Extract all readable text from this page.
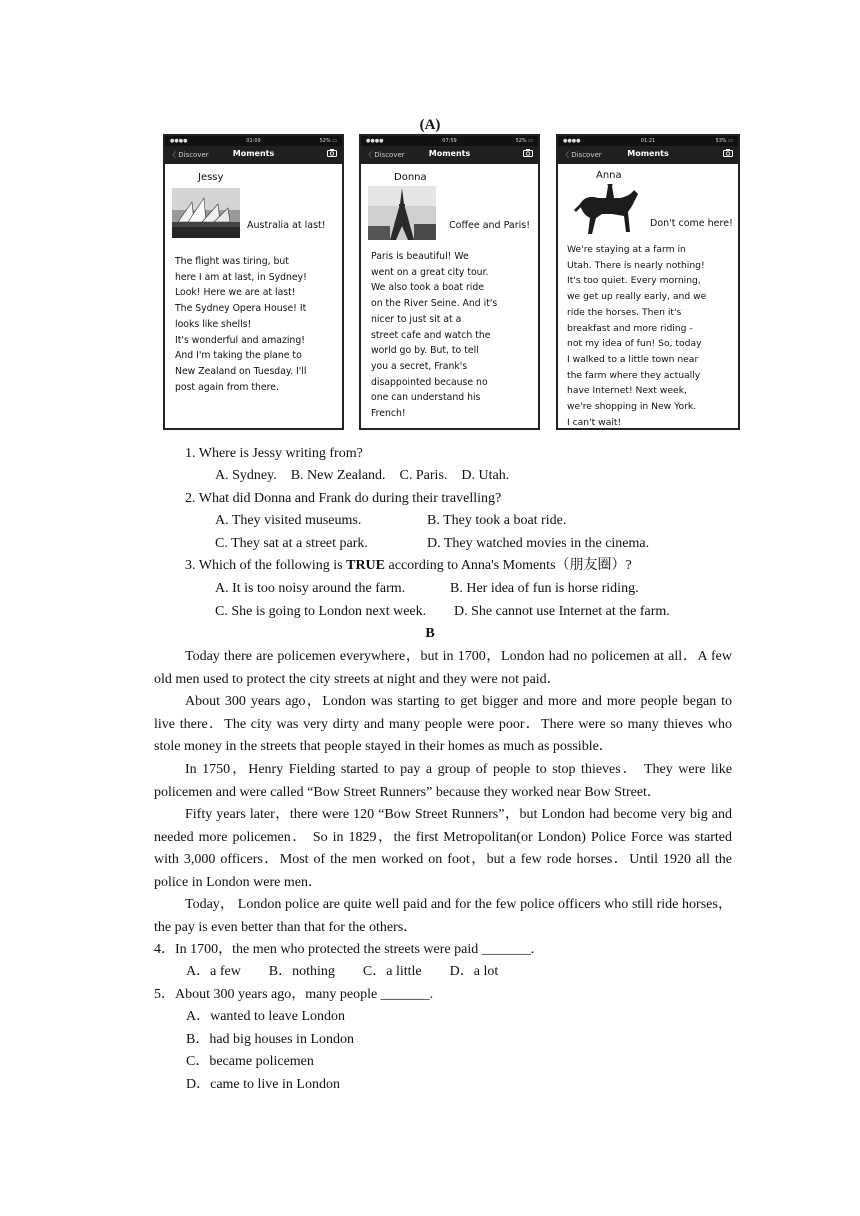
(A)
●●●●	01:09	52% ▭
〈 Discover	Moments
Jessy
Australia at last!
The flight was tiring, but
here I am at last, in Sydney!
Look! Here we are at last!
The Sydney Opera House! It
looks like shells!
It's wonderful and amazing!
And I'm taking the plane to
New Zealand on Tuesday. I'll
post again from there.
●●●●	07:59	52% ▭
〈 Discover	Moments
Donna
Coffee and Paris!
Paris is beautiful! We
went on a great city tour.
We also took a boat ride
on the River Seine. And it's
nicer to just sit at a
street cafe and watch the
world go by. But, to tell
you a secret, Frank's
disappointed because no
one can understand his
French!
●●●●	01:21	53% ▭
〈 Discover	Moments
Anna
Don't come here!
We're staying at a farm in
Utah. There is nearly nothing!
It's too quiet. Every morning,
we get up really early, and we
ride the horses. Then it's
breakfast and more riding -
not my idea of fun! So, today
I walked to a little town near
the farm where they actually
have Internet! Next week,
we're shopping in New York.
I can't wait!
1. Where is Jessy writing from?
A. Sydney.    B. New Zealand.    C. Paris.    D. Utah.
2. What did Donna and Frank do during their travelling?
A. They visited museums.	B. They took a boat ride.
C. They sat at a street park.	D. They watched movies in the cinema.
3. Which of the following is TRUE according to Anna's Moments（朋友圈）?
A. It is too noisy around the farm.	B. Her idea of fun is horse riding.
C. She is going to London next week. D. She cannot use Internet at the farm.
B
Today there are policemen everywhere，but in 1700，London had no policemen at all．A few old men used to protect the city streets at night and they were not paid．
About 300 years ago，London was starting to get bigger and more and more people began to live there．The city was very dirty and many people were poor．There were so many thieves who stole money in the streets that people stayed in their homes as much as possible．
In 1750，Henry Fielding started to pay a group of people to stop thieves． They were like policemen and were called “Bow Street Runners” because they worked near Bow Street．
Fifty years later，there were 120 “Bow Street Runners”，but London had become very big and needed more policemen． So in 1829，the first Metropolitan(or London) Police Force was started with 3,000 officers．Most of the men worked on foot，but a few rode horses．Until 1920 all the police in London were men．
Today， London police are quite well paid and for the few police officers who still ride horses，the pay is even better than that for the others．
4．In 1700，the men who protected the streets were paid _______.
A．a few        B．nothing        C．a little        D．a lot
5．About 300 years ago，many people _______.
A．wanted to leave London
B．had big houses in London
C．became policemen
D．came to live in London
